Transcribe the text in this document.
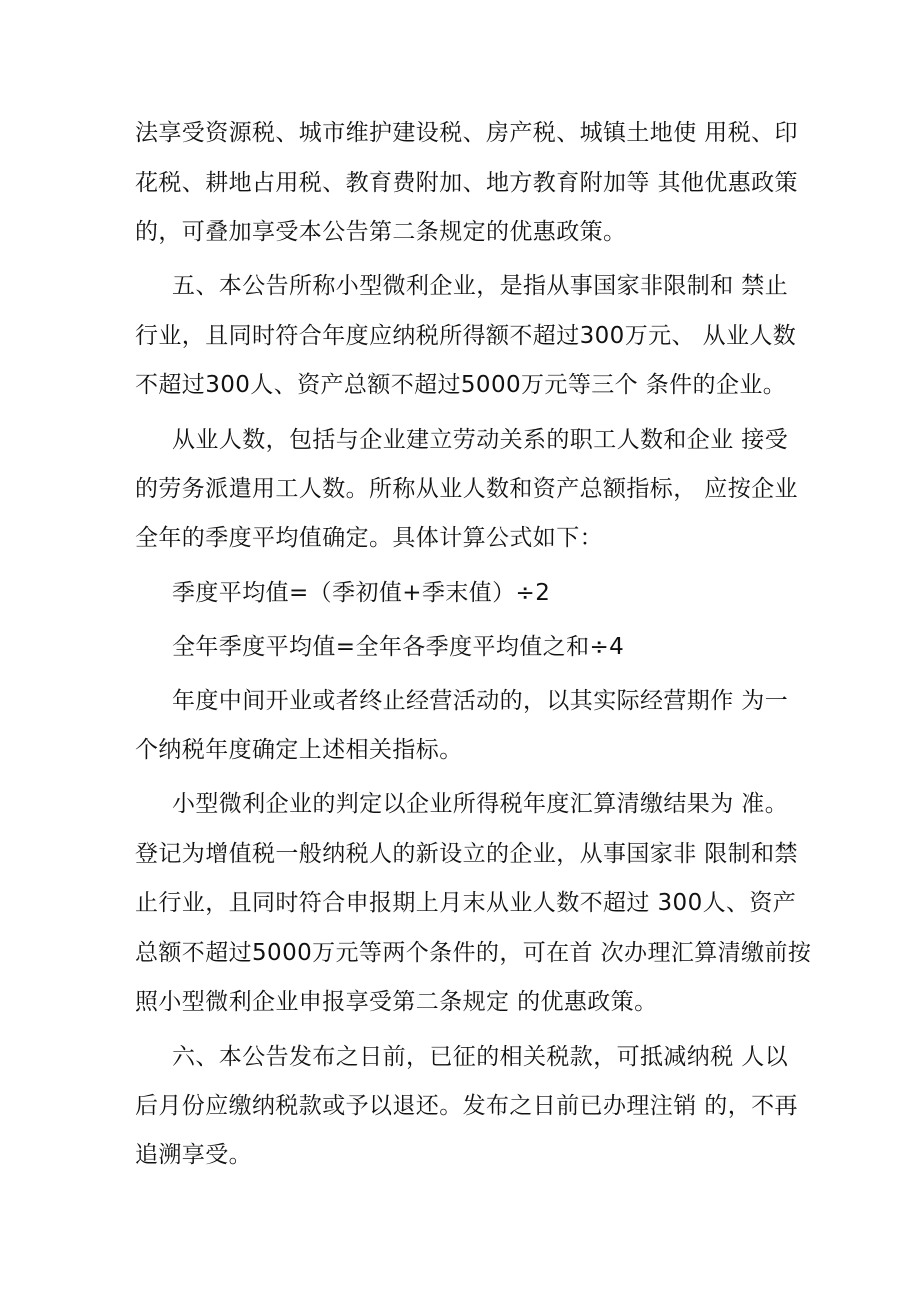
法享受资源税、城市维护建设税、房产税、城镇土地使 用税、印
花税、耕地占用税、教育费附加、地方教育附加等 其他优惠政策
的，可叠加享受本公告第二条规定的优惠政策。
五、本公告所称小型微利企业，是指从事国家非限制和 禁止
行业，且同时符合年度应纳税所得额不超过300万元、 从业人数
不超过300人、资产总额不超过5000万元等三个 条件的企业。
从业人数，包括与企业建立劳动关系的职工人数和企业 接受
的劳务派遣用工人数。所称从业人数和资产总额指标， 应按企业
全年的季度平均值确定。具体计算公式如下：
季度平均值=（季初值+季末值）÷2
全年季度平均值=全年各季度平均值之和÷4
年度中间开业或者终止经营活动的，以其实际经营期作 为一
个纳税年度确定上述相关指标。
小型微利企业的判定以企业所得税年度汇算清缴结果为 准。
登记为增值税一般纳税人的新设立的企业，从事国家非 限制和禁
止行业，且同时符合申报期上月末从业人数不超过 300人、资产
总额不超过5000万元等两个条件的，可在首 次办理汇算清缴前按
照小型微利企业申报享受第二条规定 的优惠政策。
六、本公告发布之日前，已征的相关税款，可抵减纳税 人以
后月份应缴纳税款或予以退还。发布之日前已办理注销 的，不再
追溯享受。
